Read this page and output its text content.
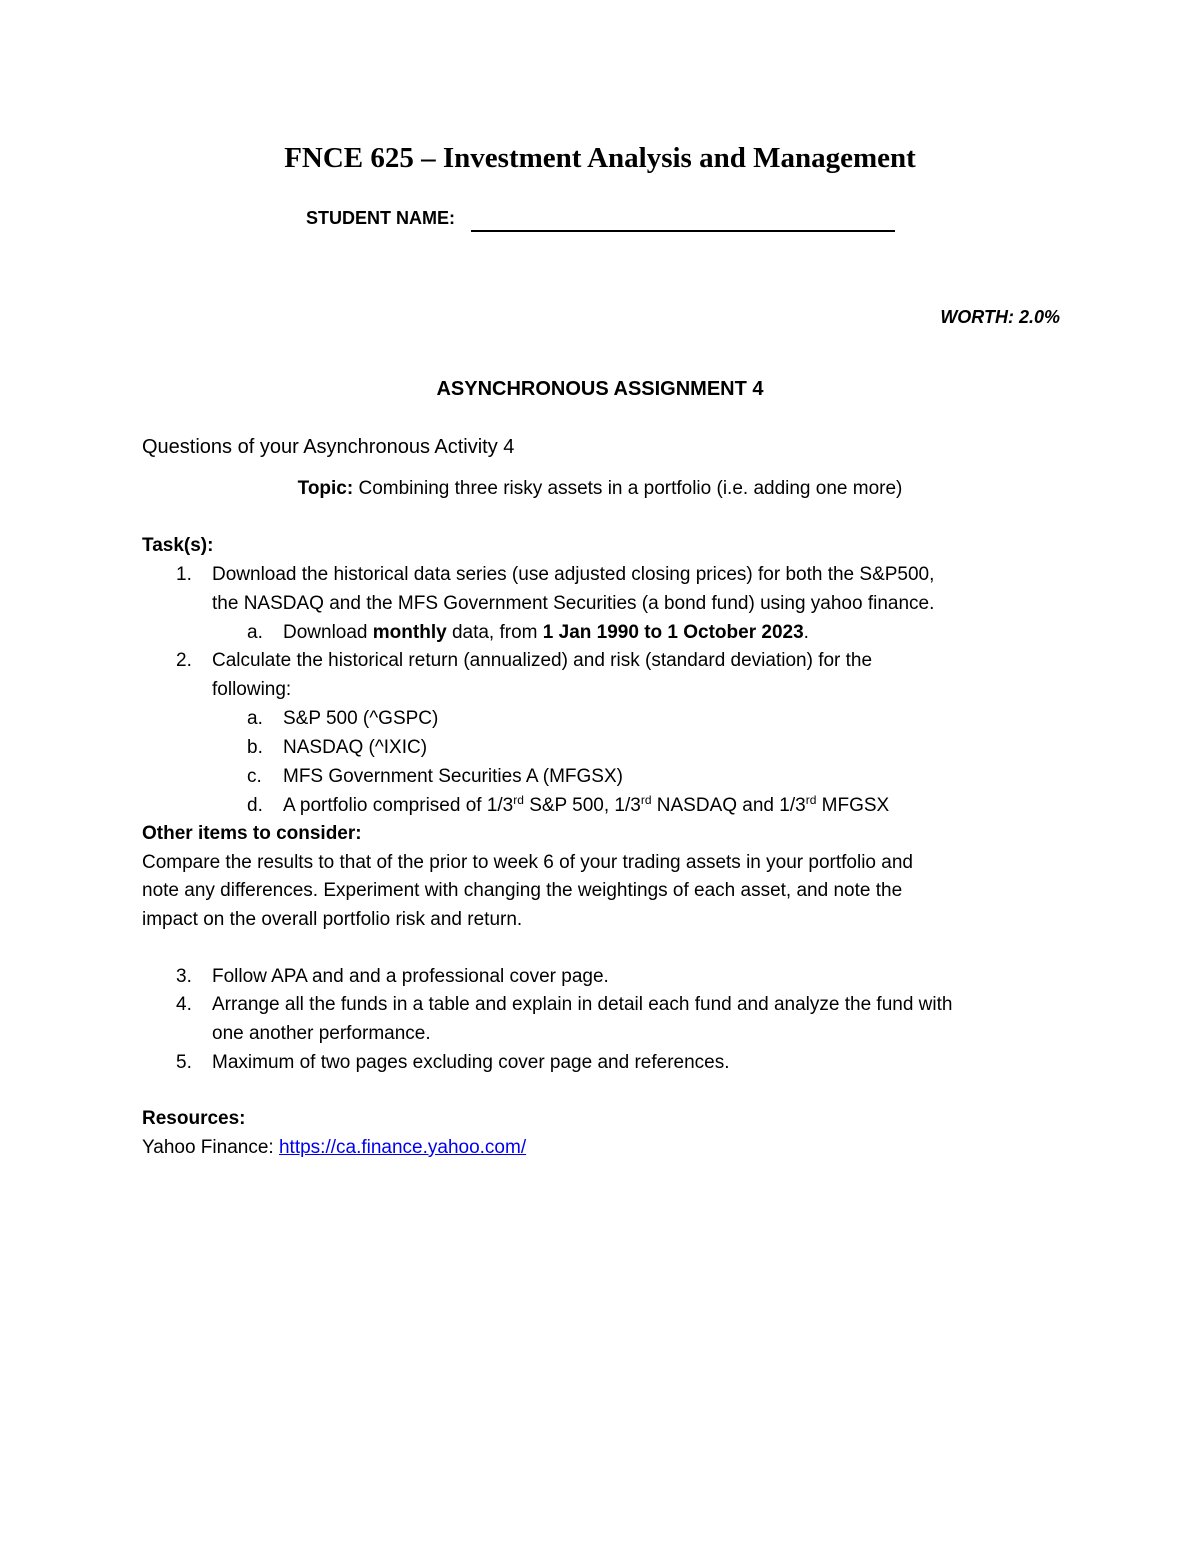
FNCE 625 – Investment Analysis and Management
STUDENT NAME:
WORTH: 2.0%
ASYNCHRONOUS ASSIGNMENT 4
Questions of your Asynchronous Activity 4
Topic: Combining three risky assets in a portfolio (i.e. adding one more)
Task(s):
1. Download the historical data series (use adjusted closing prices) for both the S&P500,
the NASDAQ and the MFS Government Securities (a bond fund) using yahoo finance.
a. Download monthly data, from 1 Jan 1990 to 1 October 2023.
2. Calculate the historical return (annualized) and risk (standard deviation) for the
following:
a. S&P 500 (^GSPC)
b. NASDAQ (^IXIC)
c. MFS Government Securities A (MFGSX)
d. A portfolio comprised of 1/3rd S&P 500, 1/3rd NASDAQ and 1/3rd MFGSX
Other items to consider:
Compare the results to that of the prior to week 6 of your trading assets in your portfolio and
note any differences. Experiment with changing the weightings of each asset, and note the
impact on the overall portfolio risk and return.
3. Follow APA and and a professional cover page.
4. Arrange all the funds in a table and explain in detail each fund and analyze the fund with
one another performance.
5. Maximum of two pages excluding cover page and references.
Resources:
Yahoo Finance: https://ca.finance.yahoo.com/
